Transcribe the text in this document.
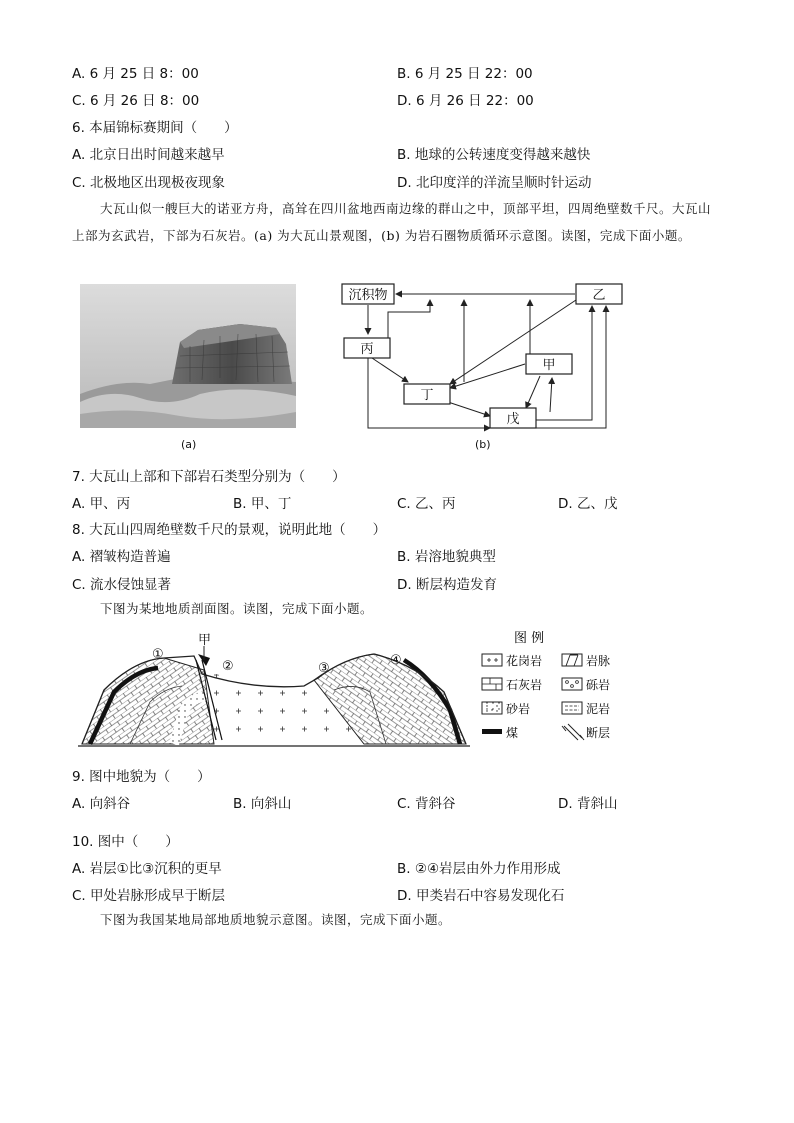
A. 6 月 25 日 8：00	B. 6 月 25 日 22：00
C. 6 月 26 日 8：00	D. 6 月 26 日 22：00
6. 本届锦标赛期间（　　）
A. 北京日出时间越来越早	B. 地球的公转速度变得越来越快
C. 北极地区出现极夜现象	D. 北印度洋的洋流呈顺时针运动
大瓦山似一艘巨大的诺亚方舟，高耸在四川盆地西南边缘的群山之中，顶部平坦，四周绝壁数千尺。大瓦山上部为玄武岩，下部为石灰岩。(a) 为大瓦山景观图，(b) 为岩石圈物质循环示意图。读图，完成下面小题。
(a)
沉积物	乙
丙
甲
丁
戊
(b)
7. 大瓦山上部和下部岩石类型分别为（　　）
A. 甲、丙	B. 甲、丁	C. 乙、丙	D. 乙、戊
8. 大瓦山四周绝壁数千尺的景观，说明此地（　　）
A. 褶皱构造普遍	B. 岩溶地貌典型
C. 流水侵蚀显著	D. 断层构造发育
下图为某地地质剖面图。读图，完成下面小题。
甲
①
②	③
④
图 例
花岗岩	岩脉
石灰岩	砾岩
砂岩	泥岩
煤	断层
9. 图中地貌为（　　）
A. 向斜谷	B. 向斜山	C. 背斜谷	D. 背斜山
10. 图中（　　）
A. 岩层①比③沉积的更早	B. ②④岩层由外力作用形成
C. 甲处岩脉形成早于断层	D. 甲类岩石中容易发现化石
下图为我国某地局部地质地貌示意图。读图，完成下面小题。
